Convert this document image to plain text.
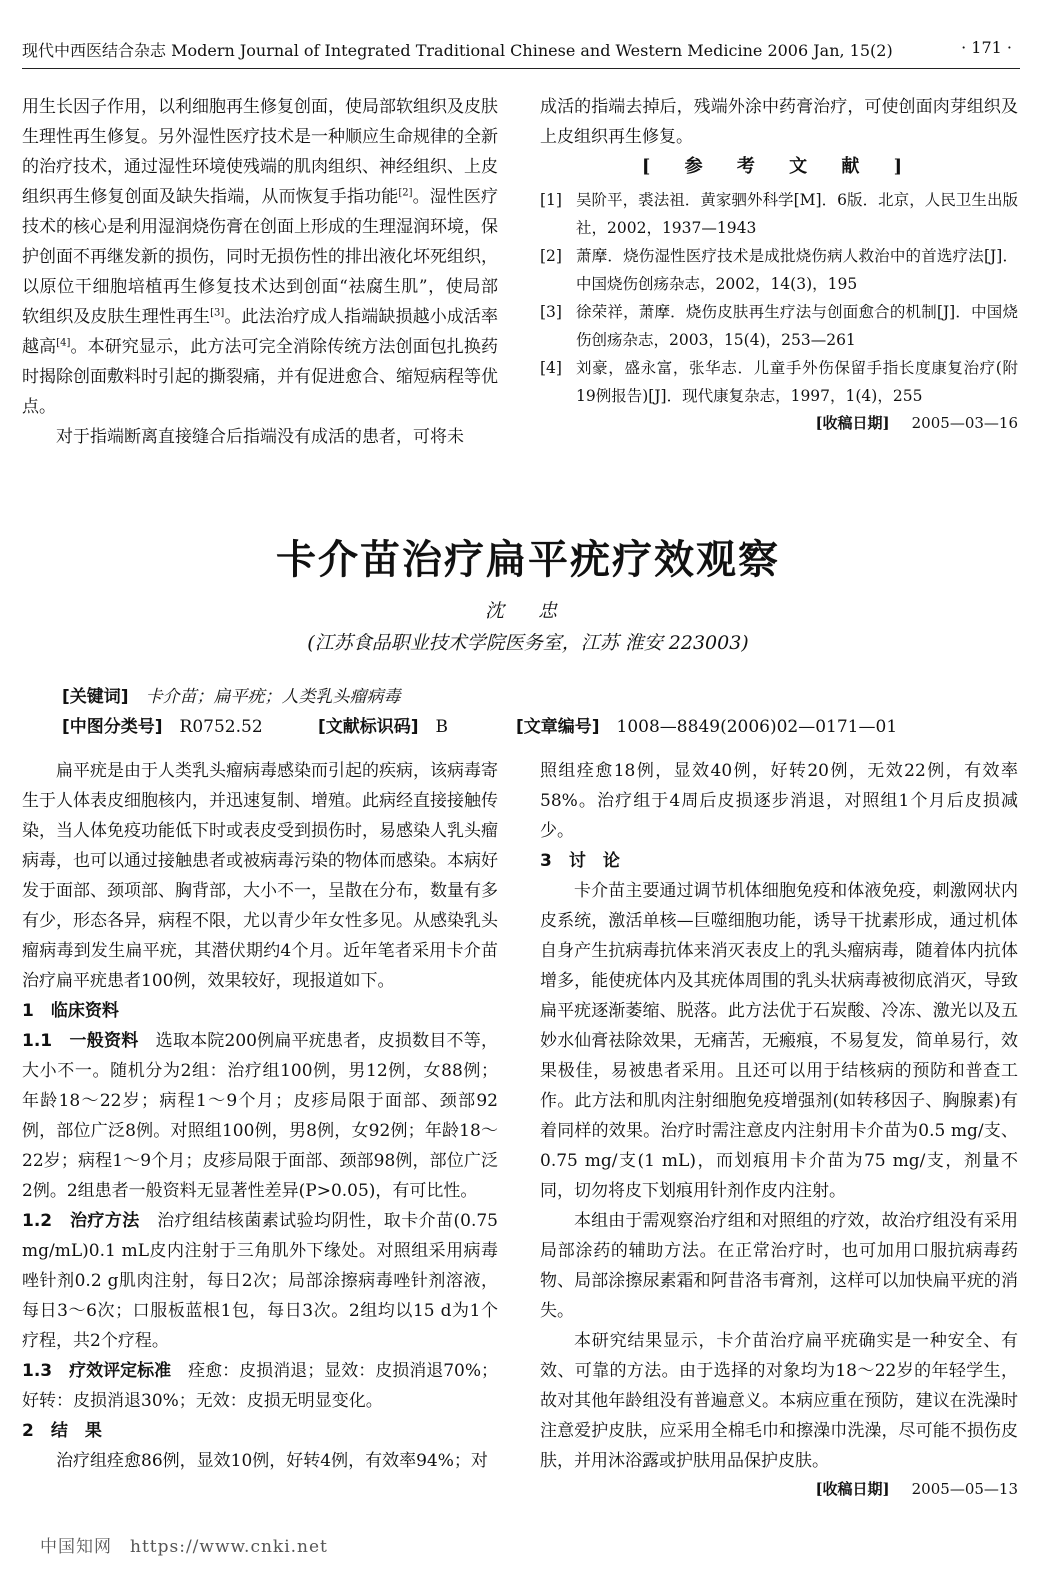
现代中西医结合杂志 Modern Journal of Integrated Traditional Chinese and Western Medicine 2006 Jan, 15(2)	· 171 ·

用生长因子作用，以利细胞再生修复创面，使局部软组织及皮肤生理性再生修复。另外湿性医疗技术是一种顺应生命规律的全新的治疗技术，通过湿性环境使残端的肌肉组织、神经组织、上皮组织再生修复创面及缺失指端，从而恢复手指功能[2]。湿性医疗技术的核心是利用湿润烧伤膏在创面上形成的生理湿润环境，保护创面不再继发新的损伤，同时无损伤性的排出液化坏死组织，以原位干细胞培植再生修复技术达到创面“祛腐生肌”，使局部软组织及皮肤生理性再生[3]。此法治疗成人指端缺损越小成活率越高[4]。本研究显示，此方法可完全消除传统方法创面包扎换药时揭除创面敷料时引起的撕裂痛，并有促进愈合、缩短病程等优点。

对于指端断离直接缝合后指端没有成活的患者，可将未

成活的指端去掉后，残端外涂中药膏治疗，可使创面肉芽组织及上皮组织再生修复。

[ 参 考 文 献 ]
[1] 吴阶平，裘法祖．黄家驷外科学[M]．6版．北京，人民卫生出版社，2002，1937—1943
[2] 萧摩．烧伤湿性医疗技术是成批烧伤病人救治中的首选疗法[J]．中国烧伤创疡杂志，2002，14(3)，195
[3] 徐荣祥，萧摩．烧伤皮肤再生疗法与创面愈合的机制[J]．中国烧伤创疡杂志，2003，15(4)，253—261
[4] 刘豪，盛永富，张华志．儿童手外伤保留手指长度康复治疗(附19例报告)[J]．现代康复杂志，1997，1(4)，255
[收稿日期] 2005—03—16
卡介苗治疗扁平疣疗效观察
沈 忠
(江苏食品职业技术学院医务室，江苏 淮安 223003)
[关键词]　 卡介苗；扁平疣；人类乳头瘤病毒
[中图分类号]　 R0752.52	[文献标识码]　 B	[文章编号]　 1008—8849(2006)02—0171—01

扁平疣是由于人类乳头瘤病毒感染而引起的疾病，该病毒寄生于人体表皮细胞核内，并迅速复制、增殖。此病经直接接触传染，当人体免疫功能低下时或表皮受到损伤时，易感染人乳头瘤病毒，也可以通过接触患者或被病毒污染的物体而感染。本病好发于面部、颈项部、胸背部，大小不一，呈散在分布，数量有多有少，形态各异，病程不限，尤以青少年女性多见。从感染乳头瘤病毒到发生扁平疣，其潜伏期约4个月。近年笔者采用卡介苗治疗扁平疣患者100例，效果较好，现报道如下。

1　临床资料

1.1　一般资料　 选取本院200例扁平疣患者，皮损数目不等，大小不一。随机分为2组：治疗组100例，男12例，女88例；年龄18～22岁；病程1～9个月；皮疹局限于面部、颈部92例，部位广泛8例。对照组100例，男8例，女92例；年龄18～22岁；病程1～9个月；皮疹局限于面部、颈部98例，部位广泛2例。2组患者一般资料无显著性差异(P>0.05)，有可比性。

1.2　治疗方法　 治疗组结核菌素试验均阴性，取卡介苗(0.75 mg/mL)0.1 mL皮内注射于三角肌外下缘处。对照组采用病毒唑针剂0.2 g肌肉注射，每日2次；局部涂擦病毒唑针剂溶液，每日3～6次；口服板蓝根1包，每日3次。2组均以15 d为1个疗程，共2个疗程。

1.3　疗效评定标准　 痊愈：皮损消退；显效：皮损消退70%；好转：皮损消退30%；无效：皮损无明显变化。

2　结　果

治疗组痊愈86例，显效10例，好转4例，有效率94%；对

照组痊愈18例，显效40例，好转20例，无效22例，有效率58%。治疗组于4周后皮损逐步消退，对照组1个月后皮损减少。

3　讨　论

卡介苗主要通过调节机体细胞免疫和体液免疫，刺激网状内皮系统，激活单核—巨噬细胞功能，诱导干扰素形成，通过机体自身产生抗病毒抗体来消灭表皮上的乳头瘤病毒，随着体内抗体增多，能使疣体内及其疣体周围的乳头状病毒被彻底消灭，导致扁平疣逐渐萎缩、脱落。此方法优于石炭酸、冷冻、激光以及五妙水仙膏祛除效果，无痛苦，无瘢痕，不易复发，简单易行，效果极佳，易被患者采用。且还可以用于结核病的预防和普查工作。此方法和肌肉注射细胞免疫增强剂(如转移因子、胸腺素)有着同样的效果。治疗时需注意皮内注射用卡介苗为0.5 mg/支、0.75 mg/支(1 mL)，而划痕用卡介苗为75 mg/支，剂量不同，切勿将皮下划痕用针剂作皮内注射。

本组由于需观察治疗组和对照组的疗效，故治疗组没有采用局部涂药的辅助方法。在正常治疗时，也可加用口服抗病毒药物、局部涂擦尿素霜和阿昔洛韦膏剂，这样可以加快扁平疣的消失。

本研究结果显示，卡介苗治疗扁平疣确实是一种安全、有效、可靠的方法。由于选择的对象均为18～22岁的年轻学生，故对其他年龄组没有普遍意义。本病应重在预防，建议在洗澡时注意爱护皮肤，应采用全棉毛巾和擦澡巾洗澡，尽可能不损伤皮肤，并用沐浴露或护肤用品保护皮肤。

[收稿日期] 2005—05—13
中国知网　https://www.cnki.net
